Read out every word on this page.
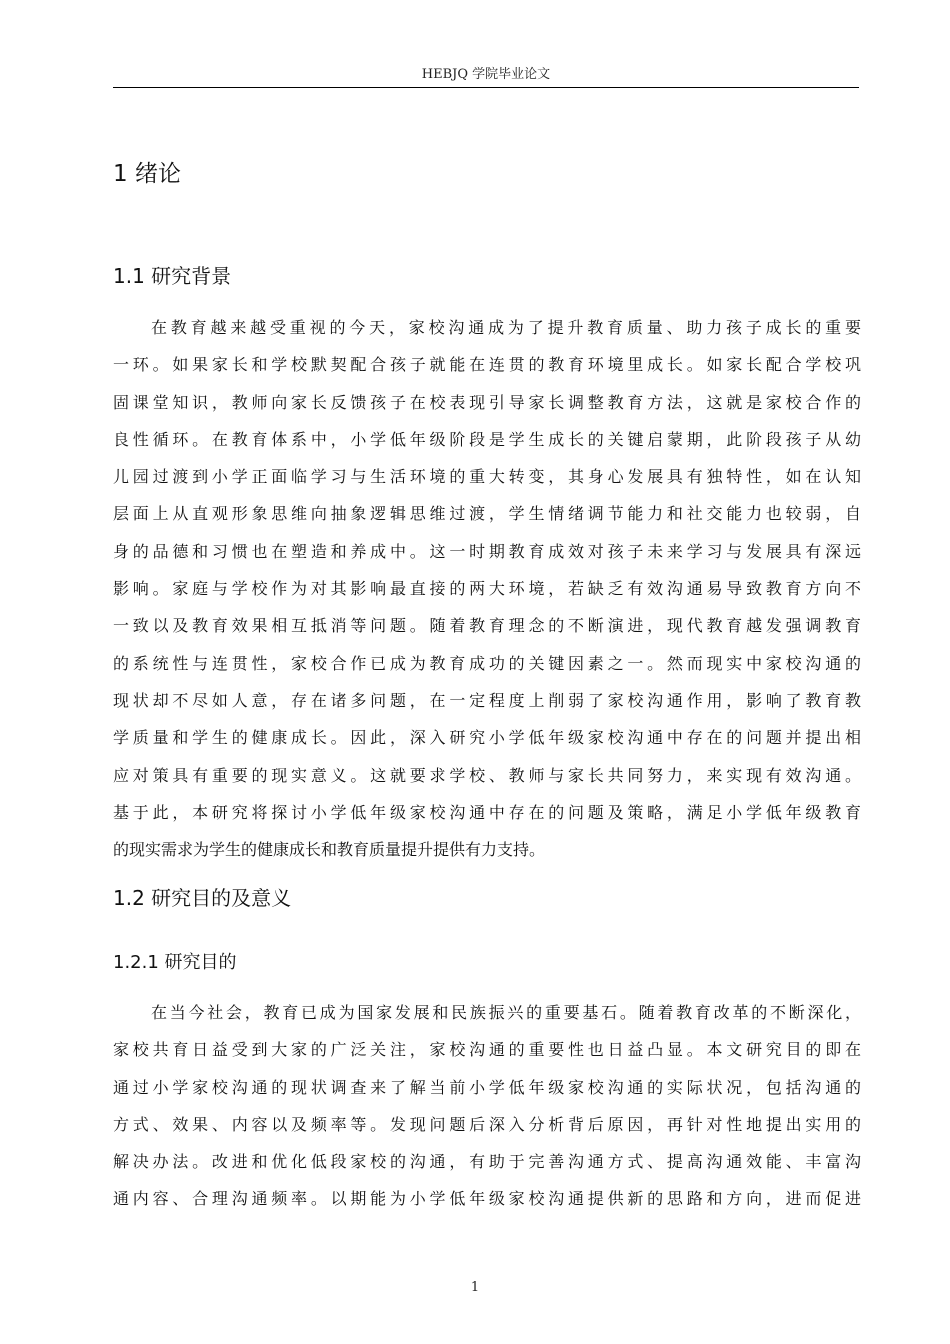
HEBJQ 学院毕业论文
1 绪论
1.1 研究背景
在教育越来越受重视的今天，家校沟通成为了提升教育质量、助力孩子成长的重要
一环。如果家长和学校默契配合孩子就能在连贯的教育环境里成长。如家长配合学校巩
固课堂知识，教师向家长反馈孩子在校表现引导家长调整教育方法，这就是家校合作的
良性循环。在教育体系中，小学低年级阶段是学生成长的关键启蒙期，此阶段孩子从幼
儿园过渡到小学正面临学习与生活环境的重大转变，其身心发展具有独特性，如在认知
层面上从直观形象思维向抽象逻辑思维过渡，学生情绪调节能力和社交能力也较弱，自
身的品德和习惯也在塑造和养成中。这一时期教育成效对孩子未来学习与发展具有深远
影响。家庭与学校作为对其影响最直接的两大环境，若缺乏有效沟通易导致教育方向不
一致以及教育效果相互抵消等问题。随着教育理念的不断演进，现代教育越发强调教育
的系统性与连贯性，家校合作已成为教育成功的关键因素之一。然而现实中家校沟通的
现状却不尽如人意，存在诸多问题，在一定程度上削弱了家校沟通作用，影响了教育教
学质量和学生的健康成长。因此，深入研究小学低年级家校沟通中存在的问题并提出相
应对策具有重要的现实意义。这就要求学校、教师与家长共同努力，来实现有效沟通。
基于此，本研究将探讨小学低年级家校沟通中存在的问题及策略，满足小学低年级教育
的现实需求为学生的健康成长和教育质量提升提供有力支持。
1.2 研究目的及意义
1.2.1 研究目的
在当今社会，教育已成为国家发展和民族振兴的重要基石。随着教育改革的不断深化，
家校共育日益受到大家的广泛关注，家校沟通的重要性也日益凸显。本文研究目的即在
通过小学家校沟通的现状调查来了解当前小学低年级家校沟通的实际状况，包括沟通的
方式、效果、内容以及频率等。发现问题后深入分析背后原因，再针对性地提出实用的
解决办法。改进和优化低段家校的沟通，有助于完善沟通方式、提高沟通效能、丰富沟
通内容、合理沟通频率。以期能为小学低年级家校沟通提供新的思路和方向，进而促进
1
